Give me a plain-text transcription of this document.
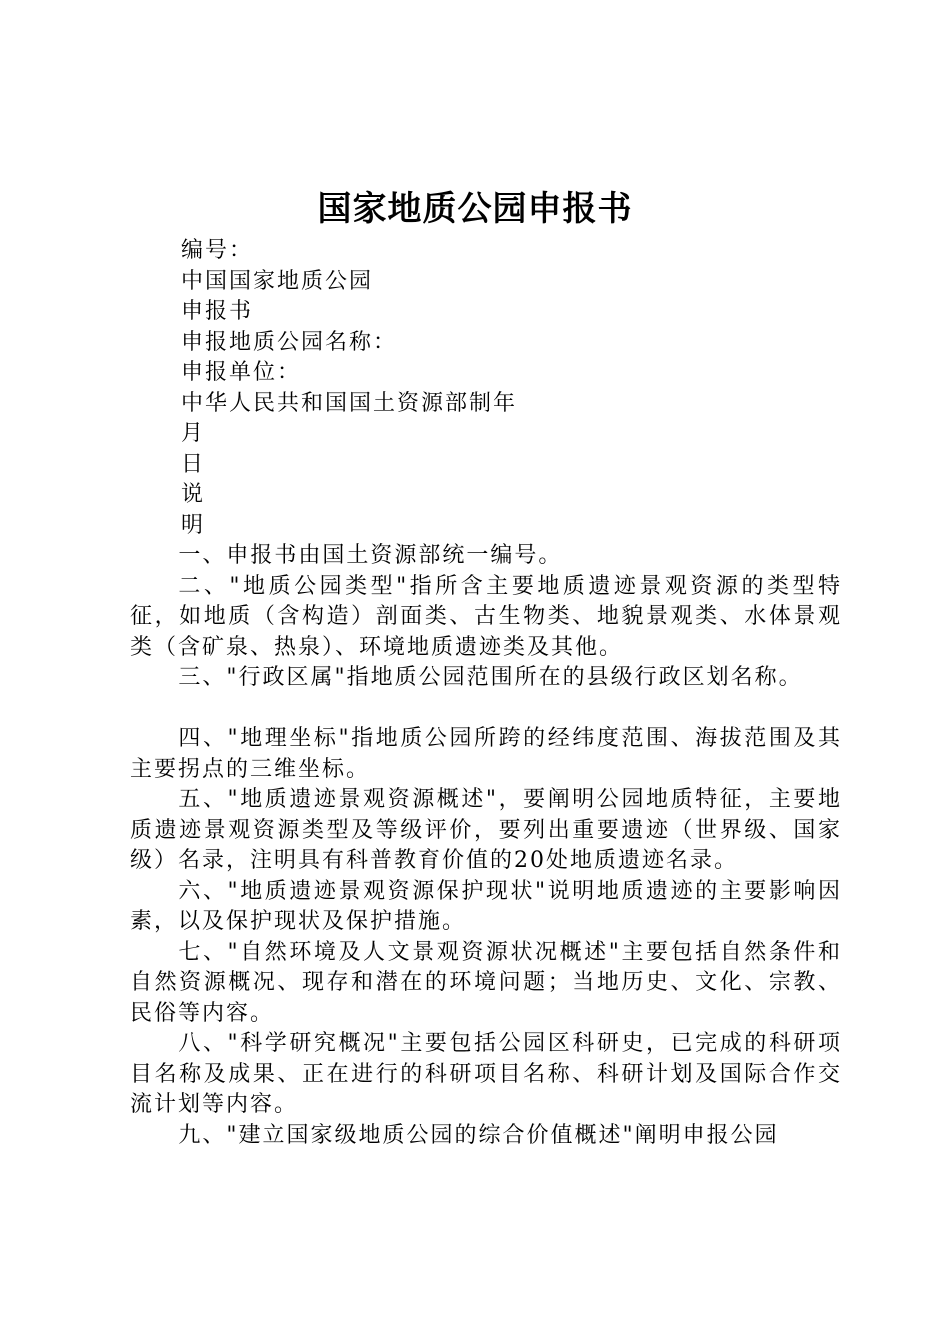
国家地质公园申报书
编号：
中国国家地质公园
申报书
申报地质公园名称：
申报单位：
中华人民共和国国土资源部制年
月
日
说
明

一、申报书由国土资源部统一编号。

二、"地质公园类型"指所含主要地质遗迹景观资源的类型特征，如地质（含构造）剖面类、古生物类、地貌景观类、水体景观类（含矿泉、热泉）、环境地质遗迹类及其他。

三、"行政区属"指地质公园范围所在的县级行政区划名称。

四、"地理坐标"指地质公园所跨的经纬度范围、海拔范围及其主要拐点的三维坐标。

五、"地质遗迹景观资源概述"，要阐明公园地质特征，主要地质遗迹景观资源类型及等级评价，要列出重要遗迹（世界级、国家级）名录，注明具有科普教育价值的20处地质遗迹名录。

六、"地质遗迹景观资源保护现状"说明地质遗迹的主要影响因素，以及保护现状及保护措施。

七、"自然环境及人文景观资源状况概述"主要包括自然条件和自然资源概况、现存和潜在的环境问题；当地历史、文化、宗教、民俗等内容。

八、"科学研究概况"主要包括公园区科研史，已完成的科研项目名称及成果、正在进行的科研项目名称、科研计划及国际合作交流计划等内容。

九、"建立国家级地质公园的综合价值概述"阐明申报公园
